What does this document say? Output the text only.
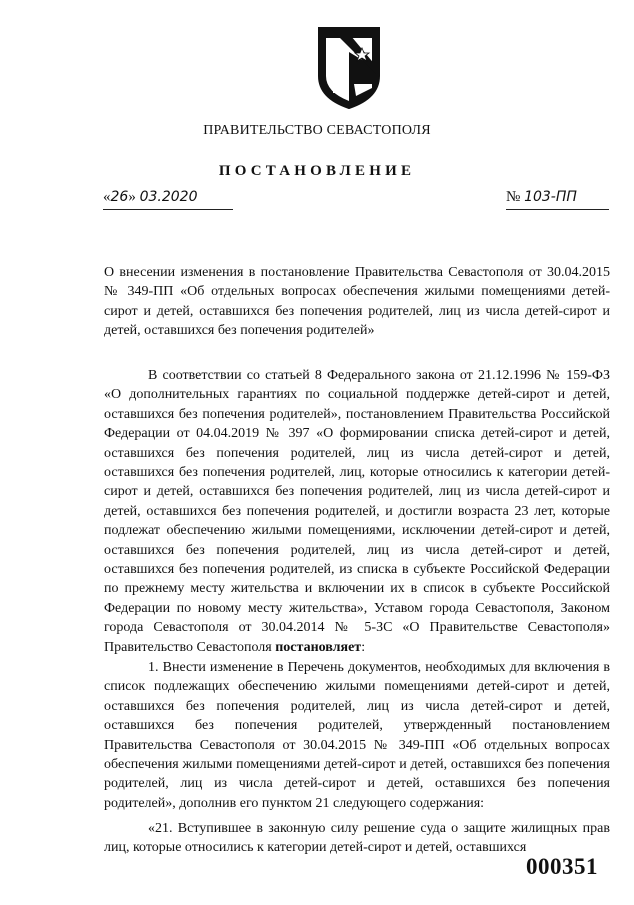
ПРАВИТЕЛЬСТВО СЕВАСТОПОЛЯ
ПОСТАНОВЛЕНИЕ
«26» 03.2020	№ 103-ПП
О внесении изменения в постановление Правительства Севастополя от 30.04.2015 № 349-ПП «Об отдельных вопросах обеспечения жилыми помещениями детей-сирот и детей, оставшихся без попечения родителей, лиц из числа детей-сирот и детей, оставшихся без попечения родителей»

В соответствии со статьей 8 Федерального закона от 21.12.1996 № 159-ФЗ «О дополнительных гарантиях по социальной поддержке детей-сирот и детей, оставшихся без попечения родителей», постановлением Правительства Российской Федерации от 04.04.2019 № 397 «О формировании списка детей-сирот и детей, оставшихся без попечения родителей, лиц из числа детей-сирот и детей, оставшихся без попечения родителей, лиц, которые относились к категории детей-сирот и детей, оставшихся без попечения родителей, лиц из числа детей-сирот и детей, оставшихся без попечения родителей, и достигли возраста 23 лет, которые подлежат обеспечению жилыми помещениями, исключении детей-сирот и детей, оставшихся без попечения родителей, лиц из числа детей-сирот и детей, оставшихся без попечения родителей, из списка в субъекте Российской Федерации по прежнему месту жительства и включении их в список в субъекте Российской Федерации по новому месту жительства», Уставом города Севастополя, Законом города Севастополя от 30.04.2014 № 5-ЗС «О Правительстве Севастополя» Правительство Севастополя постановляет:

1. Внести изменение в Перечень документов, необходимых для включения в список подлежащих обеспечению жилыми помещениями детей-сирот и детей, оставшихся без попечения родителей, лиц из числа детей-сирот и детей, оставшихся без попечения родителей, утвержденный постановлением Правительства Севастополя от 30.04.2015 № 349-ПП «Об отдельных вопросах обеспечения жилыми помещениями детей-сирот и детей, оставшихся без попечения родителей, лиц из числа детей-сирот и детей, оставшихся без попечения родителей», дополнив его пунктом 21 следующего содержания:

«21. Вступившее в законную силу решение суда о защите жилищных прав лиц, которые относились к категории детей-сирот и детей, оставшихся

000351
